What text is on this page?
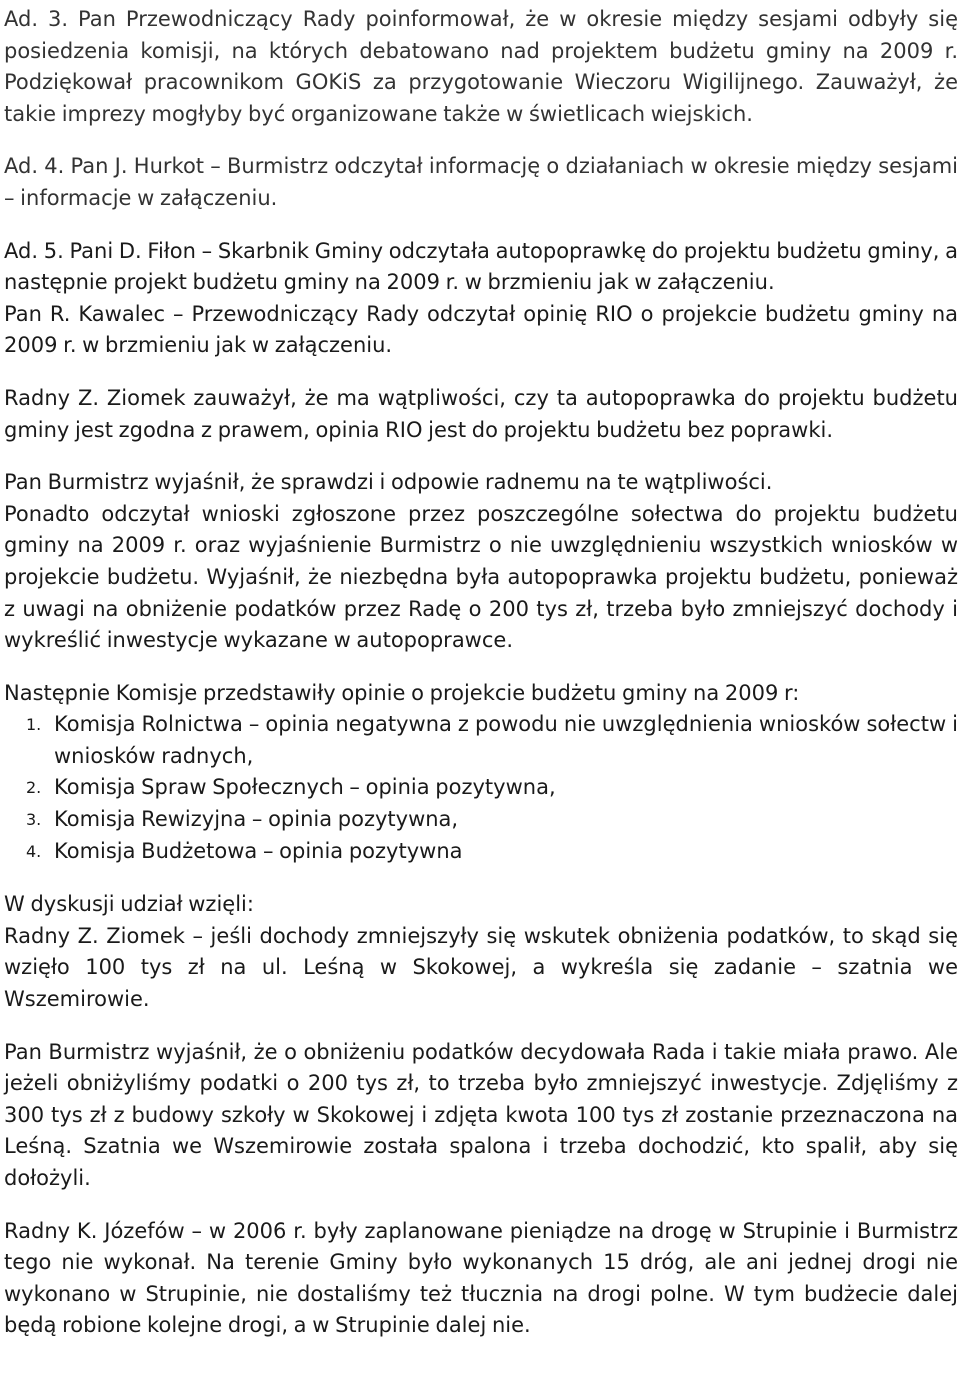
Ad. 3. Pan Przewodniczący Rady poinformował, że w okresie między sesjami odbyły się posiedzenia komisji, na których debatowano nad projektem budżetu gminy na 2009 r. Podziękował pracownikom GOKiS za przygotowanie Wieczoru Wigilijnego. Zauważył, że takie imprezy mogłyby być organizowane także w świetlicach wiejskich.

Ad. 4. Pan J. Hurkot – Burmistrz odczytał informację o działaniach w okresie między sesjami – informacje w załączeniu.

Ad. 5. Pani D. Fiłon – Skarbnik Gminy odczytała autopoprawkę do projektu budżetu gminy, a następnie projekt budżetu gminy na 2009 r. w brzmieniu jak w załączeniu.

Pan R. Kawalec – Przewodniczący Rady odczytał opinię RIO o projekcie budżetu gminy na 2009 r. w brzmieniu jak w załączeniu.

Radny Z. Ziomek zauważył, że ma wątpliwości, czy ta autopoprawka do projektu budżetu gminy jest zgodna z prawem, opinia RIO jest do projektu budżetu bez poprawki.

Pan Burmistrz wyjaśnił, że sprawdzi i odpowie radnemu na te wątpliwości.

Ponadto odczytał wnioski zgłoszone przez poszczególne sołectwa do projektu budżetu gminy na 2009 r. oraz wyjaśnienie Burmistrz o nie uwzględnieniu wszystkich wniosków w projekcie budżetu. Wyjaśnił, że niezbędna była autopoprawka projektu budżetu, ponieważ z uwagi na obniżenie podatków przez Radę o 200 tys zł, trzeba było zmniejszyć dochody i wykreślić inwestycje wykazane w autopoprawce.

Następnie Komisje przedstawiły opinie o projekcie budżetu gminy na 2009 r:

1. Komisja Rolnictwa – opinia negatywna z powodu nie uwzględnienia wniosków sołectw i wniosków radnych,
2. Komisja Spraw Społecznych – opinia pozytywna,
3. Komisja Rewizyjna – opinia pozytywna,
4. Komisja Budżetowa – opinia pozytywna

W dyskusji udział wzięli:

Radny Z. Ziomek – jeśli dochody zmniejszyły się wskutek obniżenia podatków, to skąd się wzięło 100 tys zł na ul. Leśną w Skokowej, a wykreśla się zadanie – szatnia we Wszemirowie.

Pan Burmistrz wyjaśnił, że o obniżeniu podatków decydowała Rada i takie miała prawo. Ale jeżeli obniżyliśmy podatki o 200 tys zł, to trzeba było zmniejszyć inwestycje. Zdjęliśmy z 300 tys zł z budowy szkoły w Skokowej i zdjęta kwota 100 tys zł zostanie przeznaczona na Leśną. Szatnia we Wszemirowie została spalona i trzeba dochodzić, kto spalił, aby się dołożyli.

Radny K. Józefów – w 2006 r. były zaplanowane pieniądze na drogę w Strupinie i Burmistrz tego nie wykonał. Na terenie Gminy było wykonanych 15 dróg, ale ani jednej drogi nie wykonano w Strupinie, nie dostaliśmy też tłucznia na drogi polne. W tym budżecie dalej będą robione kolejne drogi, a w Strupinie dalej nie.
